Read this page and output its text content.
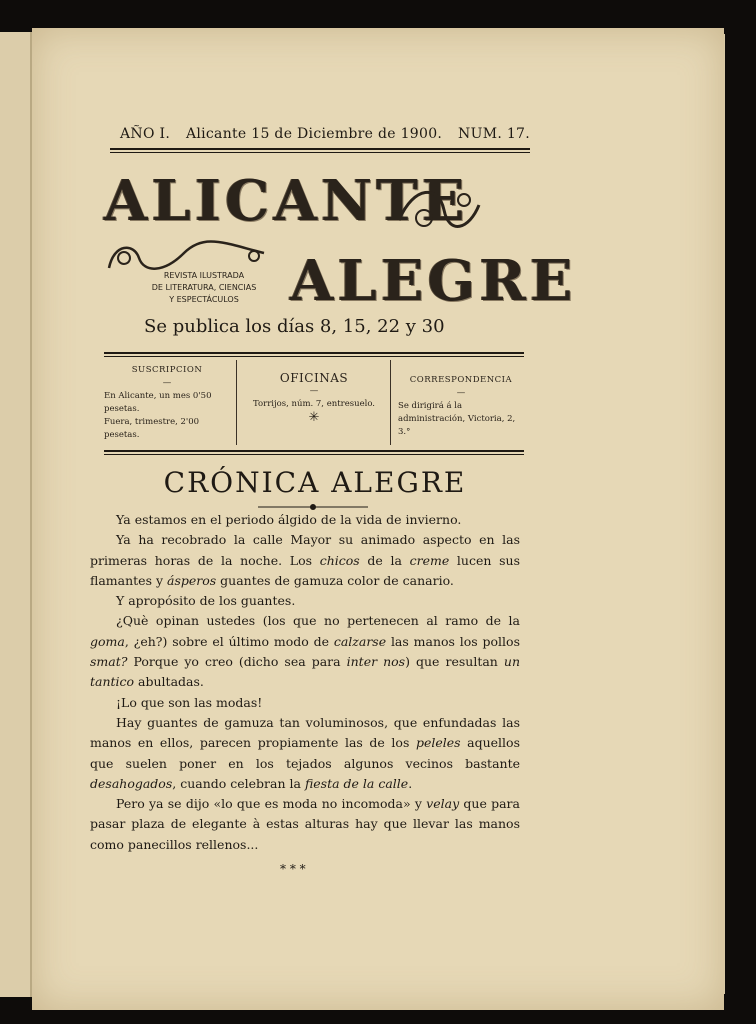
AÑO I. Alicante 15 de Diciembre de 1900. NUM. 17.
ALICANTE
REVISTA ILUSTRADA
DE LITERATURA, CIENCIAS
Y ESPECTÁCULOS ALEGRE
Se publica los días 8, 15, 22 y 30
SUSCRIPCION
—
En Alicante, un mes 0'50 pesetas.
Fuera, trimestre, 2'00 pesetas.
OFICINAS
—
Torrijos, núm. 7, entresuelo.
✳
CORRESPONDENCIA
—
Se dirigirá á la administración, Victoria, 2, 3.°
CRÓNICA ALEGRE

Ya estamos en el periodo álgido de la vida de invierno.

Ya ha recobrado la calle Mayor su animado aspecto en las primeras horas de la noche. Los chicos de la creme lucen sus flamantes y ásperos guantes de gamuza color de canario.

Y apropósito de los guantes.

¿Què opinan ustedes (los que no pertenecen al ramo de la goma, ¿eh?) sobre el último modo de calzarse las manos los pollos smat? Porque yo creo (dicho sea para inter nos) que resultan un tantico abultadas.

¡Lo que son las modas!

Hay guantes de gamuza tan voluminosos, que enfundadas las manos en ellos, parecen propiamente las de los peleles aquellos que suelen poner en los tejados algunos vecinos bastante desahogados, cuando celebran la fiesta de la calle.

Pero ya se dijo «lo que es moda no incomoda» y velay que para pasar plaza de elegante à estas alturas hay que llevar las manos como panecillos rellenos...

* * *
